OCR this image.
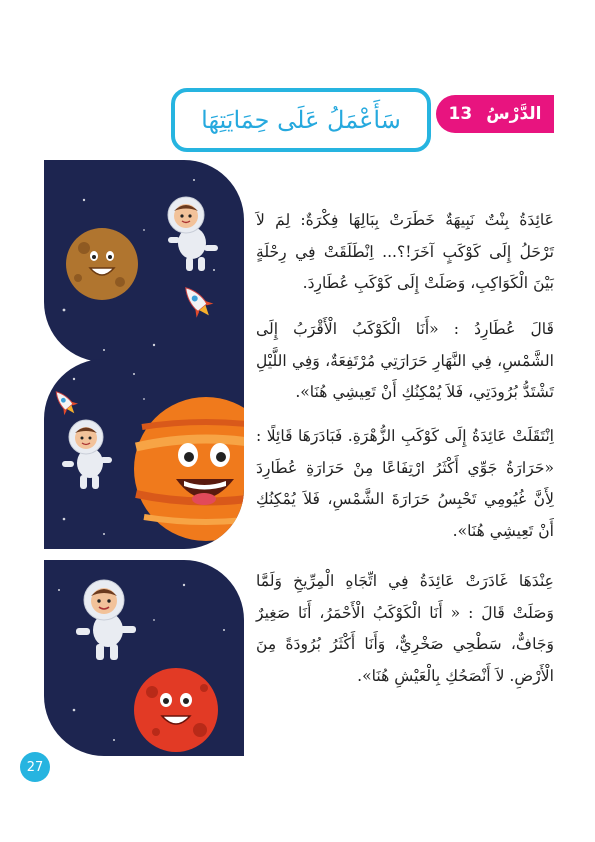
الدَّرْسُ
13
سَأَعْمَلُ عَلَى حِمَايَتِهَا
عَائِدَةُ بِنْتٌ نَبِيهَةٌ خَطَرَتْ بِبَالِهَا فِكْرَةٌ: لِمَ لاَ تَرْحَلُ إِلَى كَوْكَبٍ آخَرَ!؟... اِنْطَلَقَتْ فِي رِحْلَةٍ بَيْنَ الْكَوَاكِبِ، وَصَلَتْ إِلَى كَوْكَبِ عُطَارِدَ.
قَالَ عُطَارِدُ : «أَنَا الْكَوْكَبُ الْأَقْرَبُ إِلَى الشَّمْسِ، فِي النَّهَارِ حَرَارَتِي مُرْتَفِعَةٌ، وَفِي اللَّيْلِ تَشْتَدُّ بُرُودَتِي، فَلاَ يُمْكِنُكِ أَنْ تَعِيشِي هُنَا».
اِنْتَقَلَتْ عَائِدَةُ إِلَى كَوْكَبِ الزُّهْرَةِ. فَبَادَرَهَا قَائِلًا : «حَرَارَةُ جَوِّي أَكْثَرُ ارْتِفَاعًا مِنْ حَرَارَةِ عُطَارِدَ لِأَنَّ غُيُومِي تَحْبِسُ حَرَارَةَ الشَّمْسِ، فَلاَ يُمْكِنُكِ أَنْ تَعِيشِي هُنَا».
عِنْدَهَا غَادَرَتْ عَائِدَةُ فِي اتِّجَاهِ الْمِرِّيخِ وَلَمَّا وَصَلَتْ قَالَ : « أَنَا الْكَوْكَبُ الْأَحْمَرُ، أَنَا صَغِيرٌ وَجَافٌّ، سَطْحِي صَخْرِيٌّ، وَأَنَا أَكْثَرُ بُرُودَةً مِنَ الْأَرْضِ. لاَ أَنْصَحُكِ بِالْعَيْشِ هُنَا».
27
